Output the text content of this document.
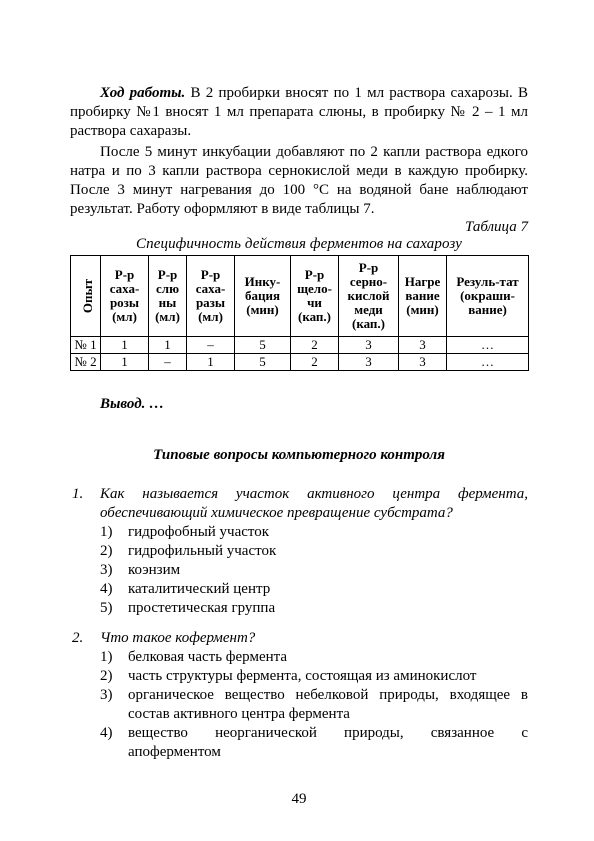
Ход работы. В 2 пробирки вносят по 1 мл раствора сахарозы. В пробирку №1 вносят 1 мл препарата слюны, в пробирку № 2 – 1 мл раствора сахаразы.

После 5 минут инкубации добавляют по 2 капли раствора едкого натра и по 3 капли раствора сернокислой меди в каждую пробирку. После 3 минут нагревания до 100 °С на водяной бане наблюдают результат. Работу оформляют в виде таблицы 7.

Таблица 7
Специфичность действия ферментов на сахарозу
Опыт	Р-р саха-розы (мл)	Р-р слю ны (мл)	Р-р саха-разы (мл)	Инку-бация (мин)	Р-р щело-чи (кап.)	Р-р серно-кислой меди (кап.)	Нагре вание (мин)	Резуль-тат (окраши-вание)
№ 1	1	1	–	5	2	3	3	…
№ 2	1	–	1	5	2	3	3	…
Вывод. …
Типовые вопросы компьютерного контроля
1. Как называется участок активного центра фермента, обеспечивающий химическое превращение субстрата?
1) гидрофобный участок
2) гидрофильный участок
3) коэнзим
4) каталитический центр
5) простетическая группа
2. Что такое кофермент?
1) белковая часть фермента
2) часть структуры фермента, состоящая из аминокислот
3) органическое вещество небелковой природы, входящее в состав активного центра фермента
4) вещество неорганической природы, связанное с апоферментом
49
